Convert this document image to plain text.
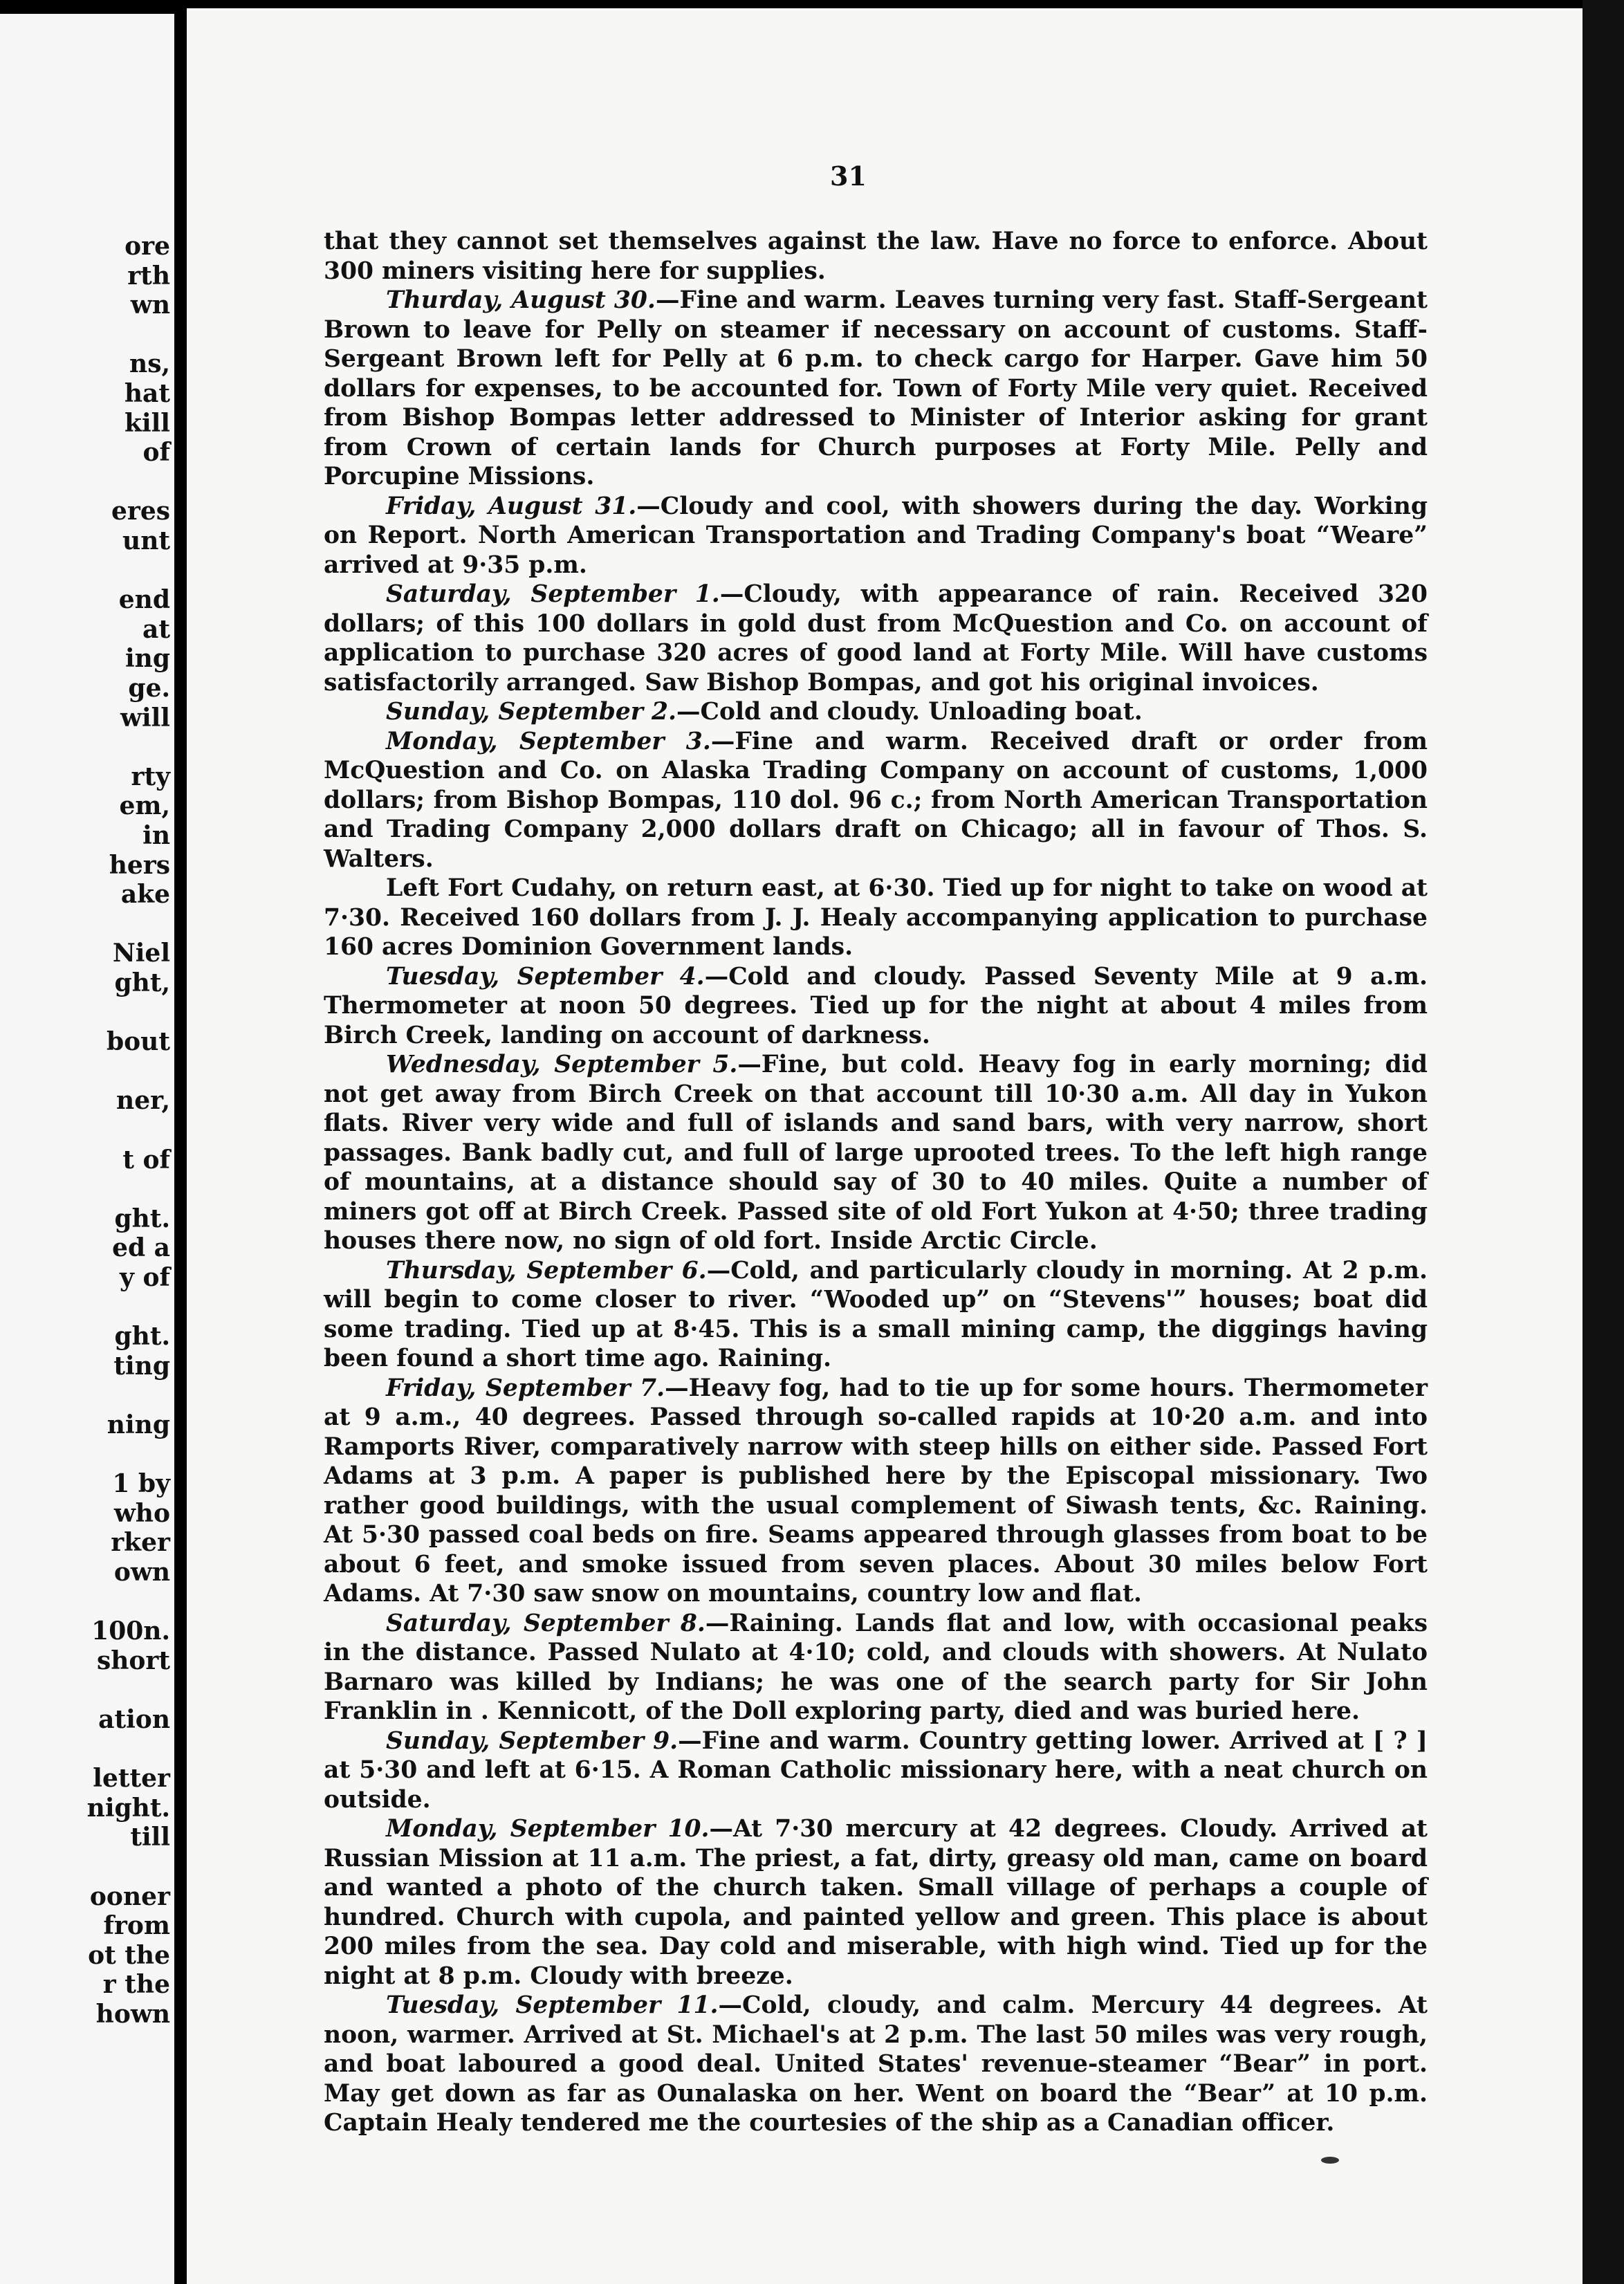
ore
rth
wn
ns,
hat
kill
of
eres
unt
end
at
ing
ge.
will
rty
em,
in
hers
ake
Niel
ght,
bout
ner,
t of
ght.
ed a
y of
ght.
ting
ning
1 by
who
rker
own
100n.
short
ation
letter
night.
till
ooner
from
ot the
r the
hown
31

that they cannot set themselves against the law. Have no force to enforce. About 300 miners visiting here for supplies.

Thurday, August 30.—Fine and warm. Leaves turning very fast. Staff-Sergeant Brown to leave for Pelly on steamer if necessary on account of customs. Staff-Sergeant Brown left for Pelly at 6 p.m. to check cargo for Harper. Gave him 50 dollars for expenses, to be accounted for. Town of Forty Mile very quiet. Received from Bishop Bompas letter addressed to Minister of Interior asking for grant from Crown of certain lands for Church purposes at Forty Mile. Pelly and Porcupine Missions.

Friday, August 31.—Cloudy and cool, with showers during the day. Working on Report. North American Transportation and Trading Company's boat “Weare” arrived at 9·35 p.m.

Saturday, September 1.—Cloudy, with appearance of rain. Received 320 dollars; of this 100 dollars in gold dust from McQuestion and Co. on account of application to purchase 320 acres of good land at Forty Mile. Will have customs satisfactorily arranged. Saw Bishop Bompas, and got his original invoices.

Sunday, September 2.—Cold and cloudy. Unloading boat.

Monday, September 3.—Fine and warm. Received draft or order from McQuestion and Co. on Alaska Trading Company on account of customs, 1,000 dollars; from Bishop Bompas, 110 dol. 96 c.; from North American Transportation and Trading Company 2,000 dollars draft on Chicago; all in favour of Thos. S. Walters.

Left Fort Cudahy, on return east, at 6·30. Tied up for night to take on wood at 7·30. Received 160 dollars from J. J. Healy accompanying application to purchase 160 acres Dominion Government lands.

Tuesday, September 4.—Cold and cloudy. Passed Seventy Mile at 9 a.m. Thermometer at noon 50 degrees. Tied up for the night at about 4 miles from Birch Creek, landing on account of darkness.

Wednesday, September 5.—Fine, but cold. Heavy fog in early morning; did not get away from Birch Creek on that account till 10·30 a.m. All day in Yukon flats. River very wide and full of islands and sand bars, with very narrow, short passages. Bank badly cut, and full of large uprooted trees. To the left high range of mountains, at a distance should say of 30 to 40 miles. Quite a number of miners got off at Birch Creek. Passed site of old Fort Yukon at 4·50; three trading houses there now, no sign of old fort. Inside Arctic Circle.

Thursday, September 6.—Cold, and particularly cloudy in morning. At 2 p.m. will begin to come closer to river. “Wooded up” on “Stevens'” houses; boat did some trading. Tied up at 8·45. This is a small mining camp, the diggings having been found a short time ago. Raining.

Friday, September 7.—Heavy fog, had to tie up for some hours. Thermometer at 9 a.m., 40 degrees. Passed through so-called rapids at 10·20 a.m. and into Ramports River, comparatively narrow with steep hills on either side. Passed Fort Adams at 3 p.m. A paper is published here by the Episcopal missionary. Two rather good buildings, with the usual complement of Siwash tents, &c. Raining. At 5·30 passed coal beds on fire. Seams appeared through glasses from boat to be about 6 feet, and smoke issued from seven places. About 30 miles below Fort Adams. At 7·30 saw snow on mountains, country low and flat.

Saturday, September 8.—Raining. Lands flat and low, with occasional peaks in the distance. Passed Nulato at 4·10; cold, and clouds with showers. At Nulato Barnaro was killed by Indians; he was one of the search party for Sir John Franklin in . Kennicott, of the Doll exploring party, died and was buried here.

Sunday, September 9.—Fine and warm. Country getting lower. Arrived at [ ? ] at 5·30 and left at 6·15. A Roman Catholic missionary here, with a neat church on outside.

Monday, September 10.—At 7·30 mercury at 42 degrees. Cloudy. Arrived at Russian Mission at 11 a.m. The priest, a fat, dirty, greasy old man, came on board and wanted a photo of the church taken. Small village of perhaps a couple of hundred. Church with cupola, and painted yellow and green. This place is about 200 miles from the sea. Day cold and miserable, with high wind. Tied up for the night at 8 p.m. Cloudy with breeze.

Tuesday, September 11.—Cold, cloudy, and calm. Mercury 44 degrees. At noon, warmer. Arrived at St. Michael's at 2 p.m. The last 50 miles was very rough, and boat laboured a good deal. United States' revenue-steamer “Bear” in port. May get down as far as Ounalaska on her. Went on board the “Bear” at 10 p.m. Captain Healy tendered me the courtesies of the ship as a Canadian officer.
